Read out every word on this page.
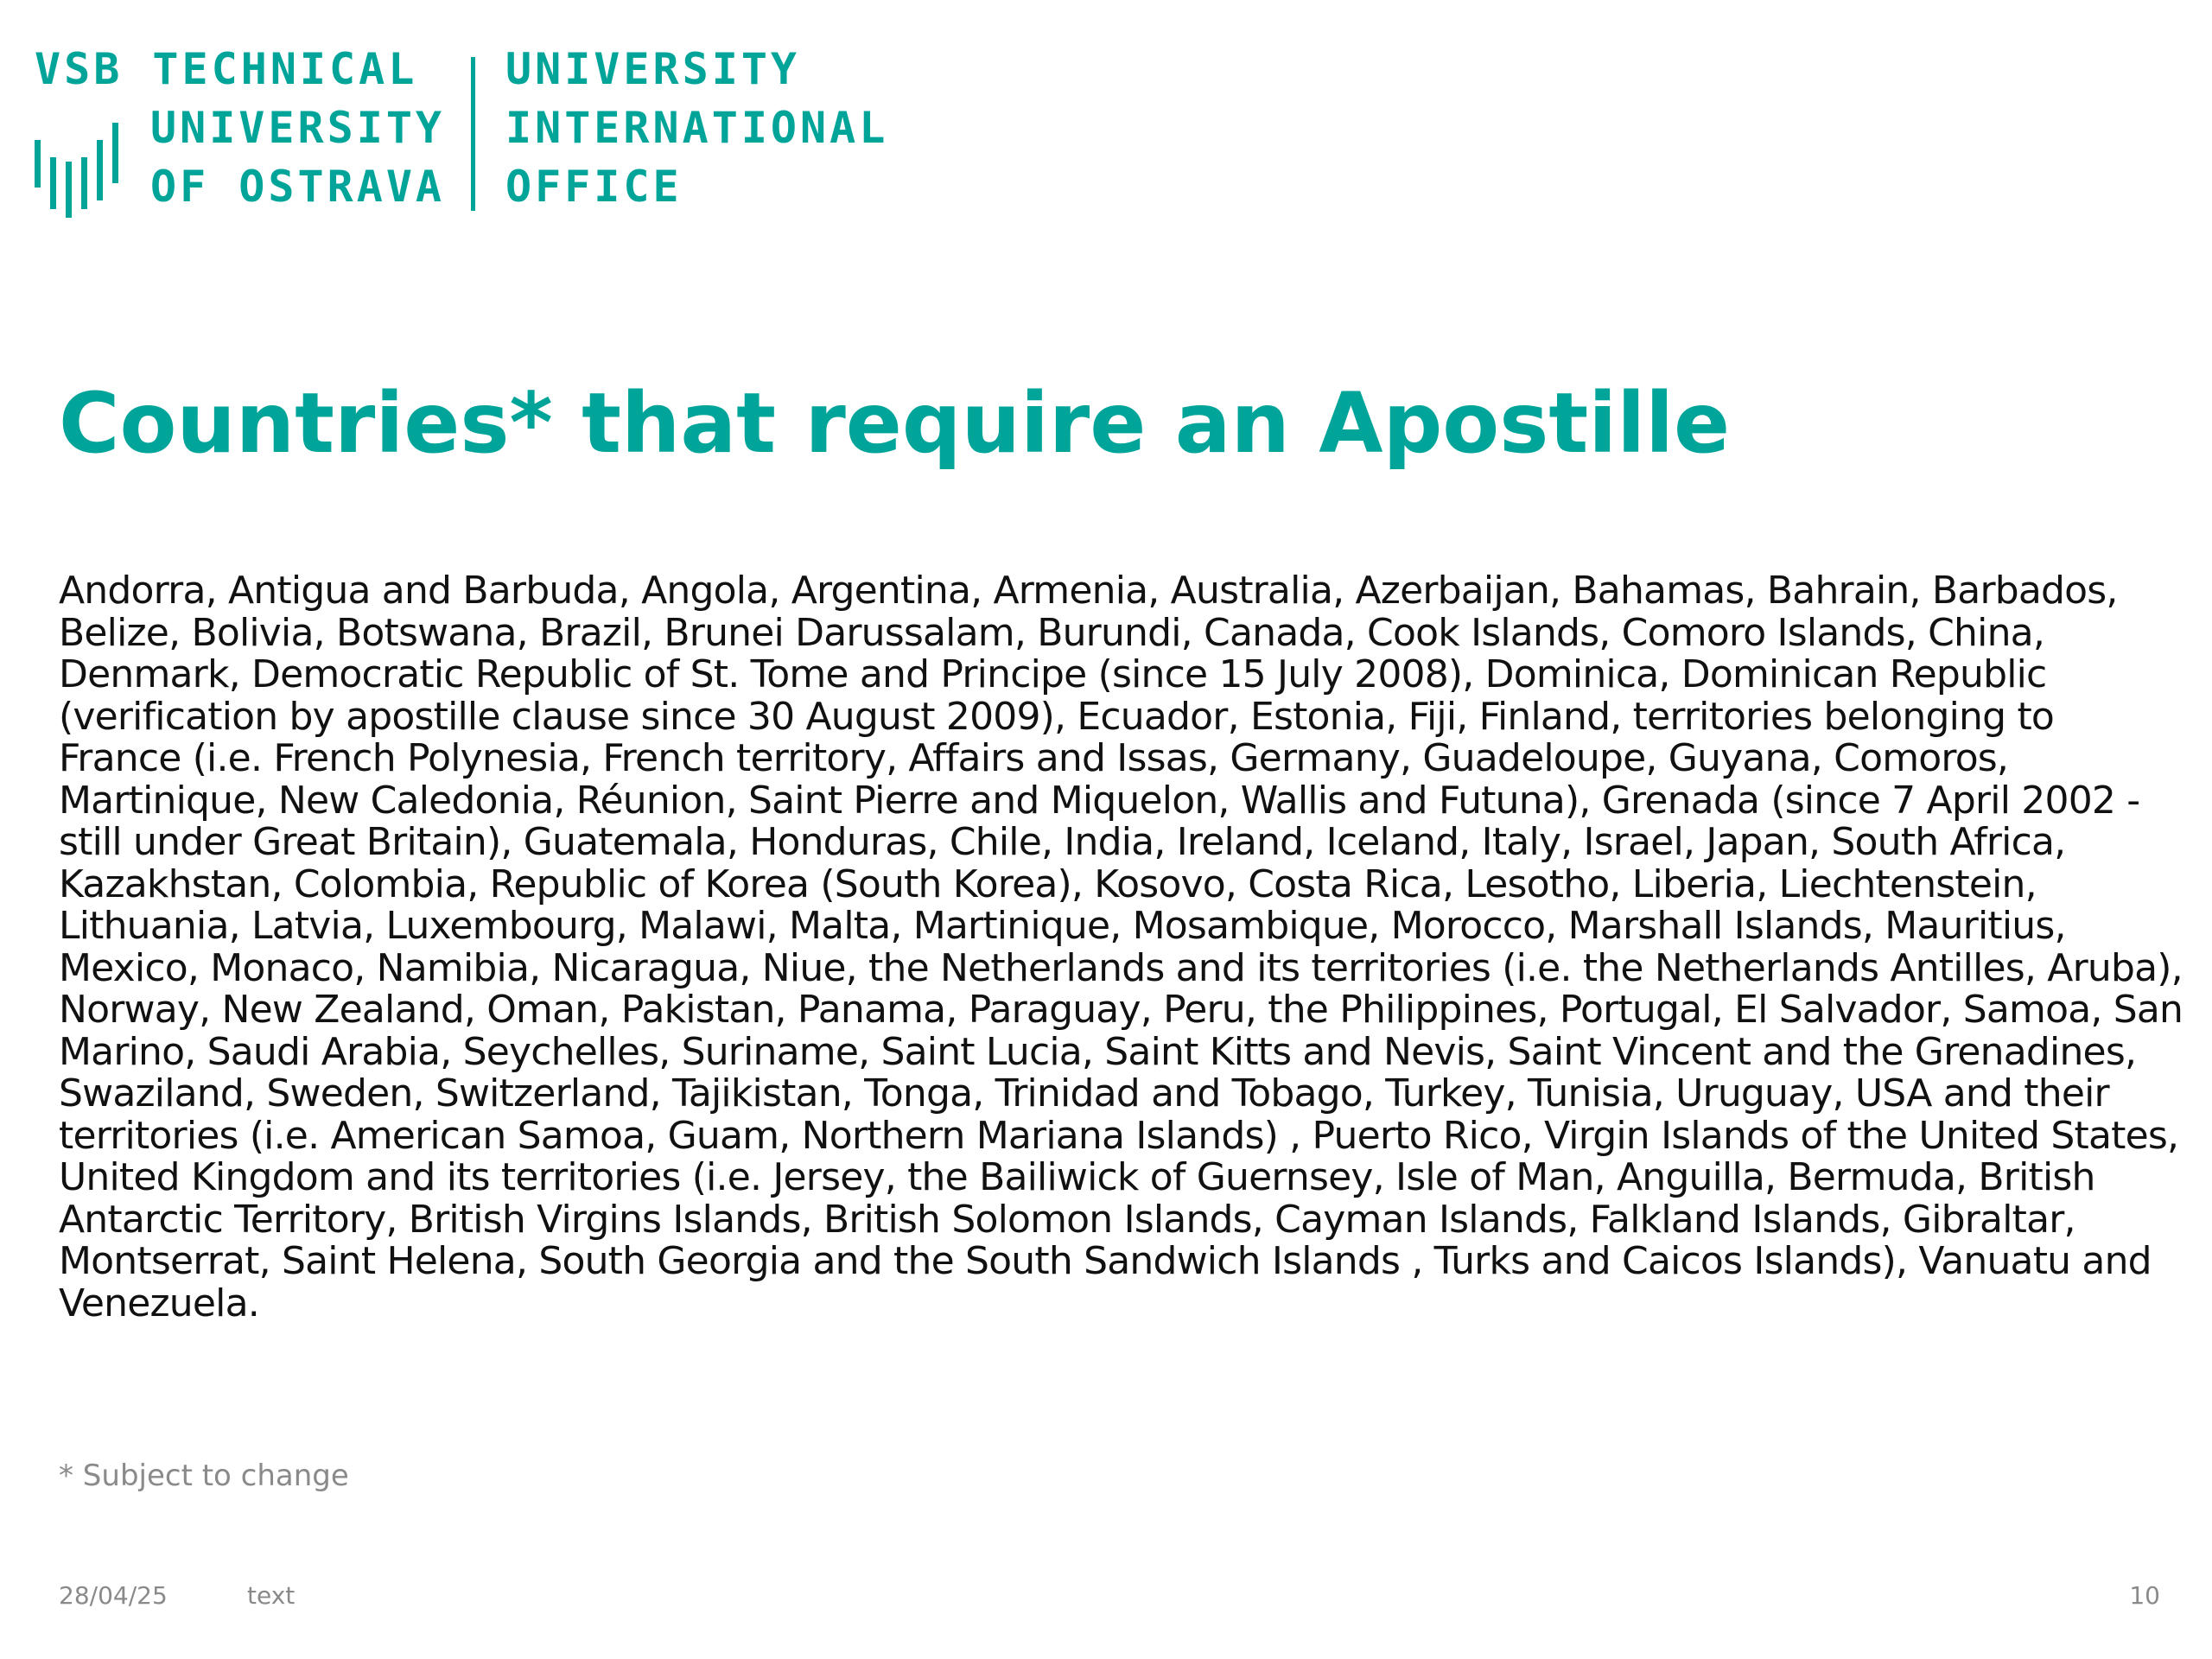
VSB TECHNICAL
UNIVERSITY
OF OSTRAVA
UNIVERSITY
INTERNATIONAL
OFFICE
Countries* that require an Apostille

Andorra, Antigua and Barbuda, Angola, Argentina, Armenia, Australia, Azerbaijan, Bahamas, Bahrain, Barbados, Belize, Bolivia, Botswana, Brazil, Brunei Darussalam, Burundi, Canada, Cook Islands, Comoro Islands, China, Denmark, Democratic Republic of St. Tome and Principe (since 15 July 2008), Dominica, Dominican Republic (verification by apostille clause since 30 August 2009), Ecuador, Estonia, Fiji, Finland, territories belonging to France (i.e. French Polynesia, French territory, Affairs and Issas, Germany, Guadeloupe, Guyana, Comoros, Martinique, New Caledonia, Réunion, Saint Pierre and Miquelon, Wallis and Futuna), Grenada (since 7 April 2002 - still under Great Britain), Guatemala, Honduras, Chile, India, Ireland, Iceland, Italy, Israel, Japan, South Africa, Kazakhstan, Colombia, Republic of Korea (South Korea), Kosovo, Costa Rica, Lesotho, Liberia, Liechtenstein, Lithuania, Latvia, Luxembourg, Malawi, Malta, Martinique, Mosambique, Morocco, Marshall Islands, Mauritius, Mexico, Monaco, Namibia, Nicaragua, Niue, the Netherlands and its territories (i.e. the Netherlands Antilles, Aruba), Norway, New Zealand, Oman, Pakistan, Panama, Paraguay, Peru, the Philippines, Portugal, El Salvador, Samoa, San Marino, Saudi Arabia, Seychelles, Suriname, Saint Lucia, Saint Kitts and Nevis, Saint Vincent and the Grenadines, Swaziland, Sweden, Switzerland, Tajikistan, Tonga, Trinidad and Tobago, Turkey, Tunisia, Uruguay, USA and their territories (i.e. American Samoa, Guam, Northern Mariana Islands) , Puerto Rico, Virgin Islands of the United States, United Kingdom and its territories (i.e. Jersey, the Bailiwick of Guernsey, Isle of Man, Anguilla, Bermuda, British Antarctic Territory, British Virgins Islands, British Solomon Islands, Cayman Islands, Falkland Islands, Gibraltar, Montserrat, Saint Helena, South Georgia and the South Sandwich Islands , Turks and Caicos Islands), Vanuatu and Venezuela.

* Subject to change
28/04/25	text	10
